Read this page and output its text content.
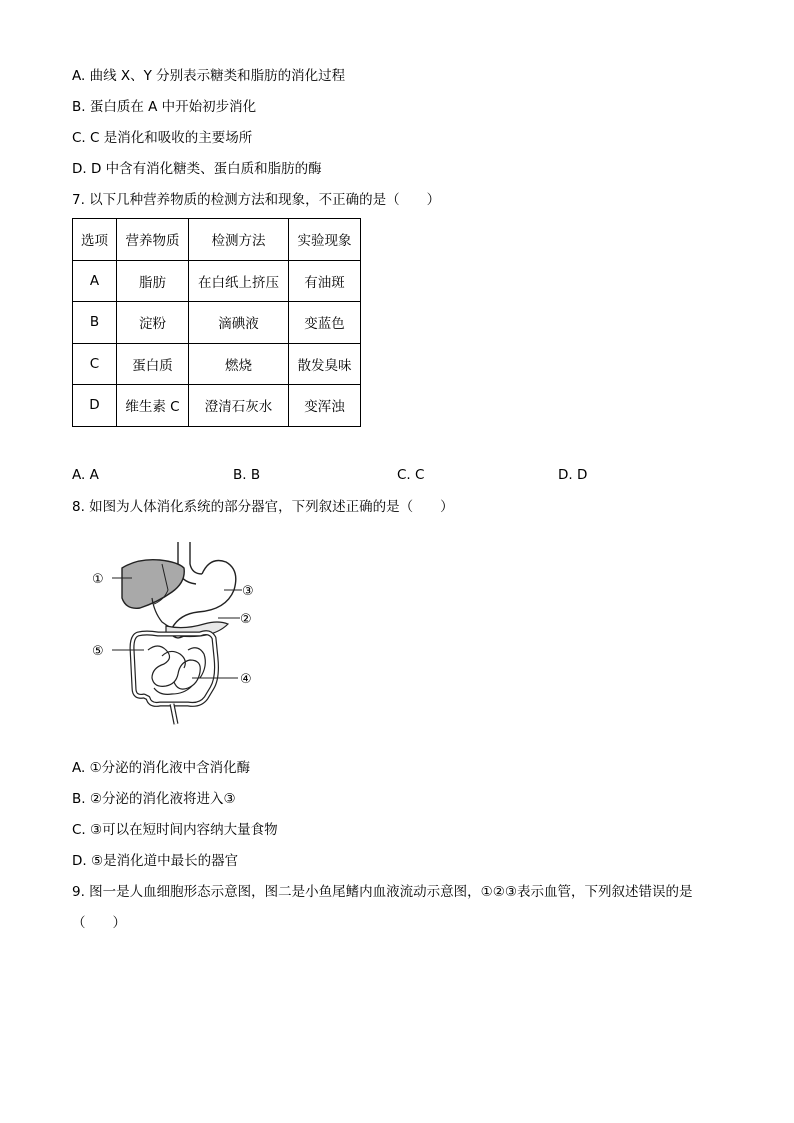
A. 曲线 X、Y 分别表示糖类和脂肪的消化过程
B. 蛋白质在 A 中开始初步消化
C. C 是消化和吸收的主要场所
D. D 中含有消化糖类、蛋白质和脂肪的酶
7. 以下几种营养物质的检测方法和现象，不正确的是（　　）
选项	营养物质	检测方法	实验现象
A	脂肪	在白纸上挤压	有油斑
B	淀粉	滴碘液	变蓝色
C	蛋白质	燃烧	散发臭味
D	维生素 C	澄清石灰水	变浑浊
A. A	B. B	C. C	D. D
8. 如图为人体消化系统的部分器官，下列叙述正确的是（　　）
①
③
②
⑤
④
A. ①分泌的消化液中含消化酶
B. ②分泌的消化液将进入③
C. ③可以在短时间内容纳大量食物
D. ⑤是消化道中最长的器官
9. 图一是人血细胞形态示意图，图二是小鱼尾鳍内血液流动示意图，①②③表示血管，下列叙述错误的是
（　　）
